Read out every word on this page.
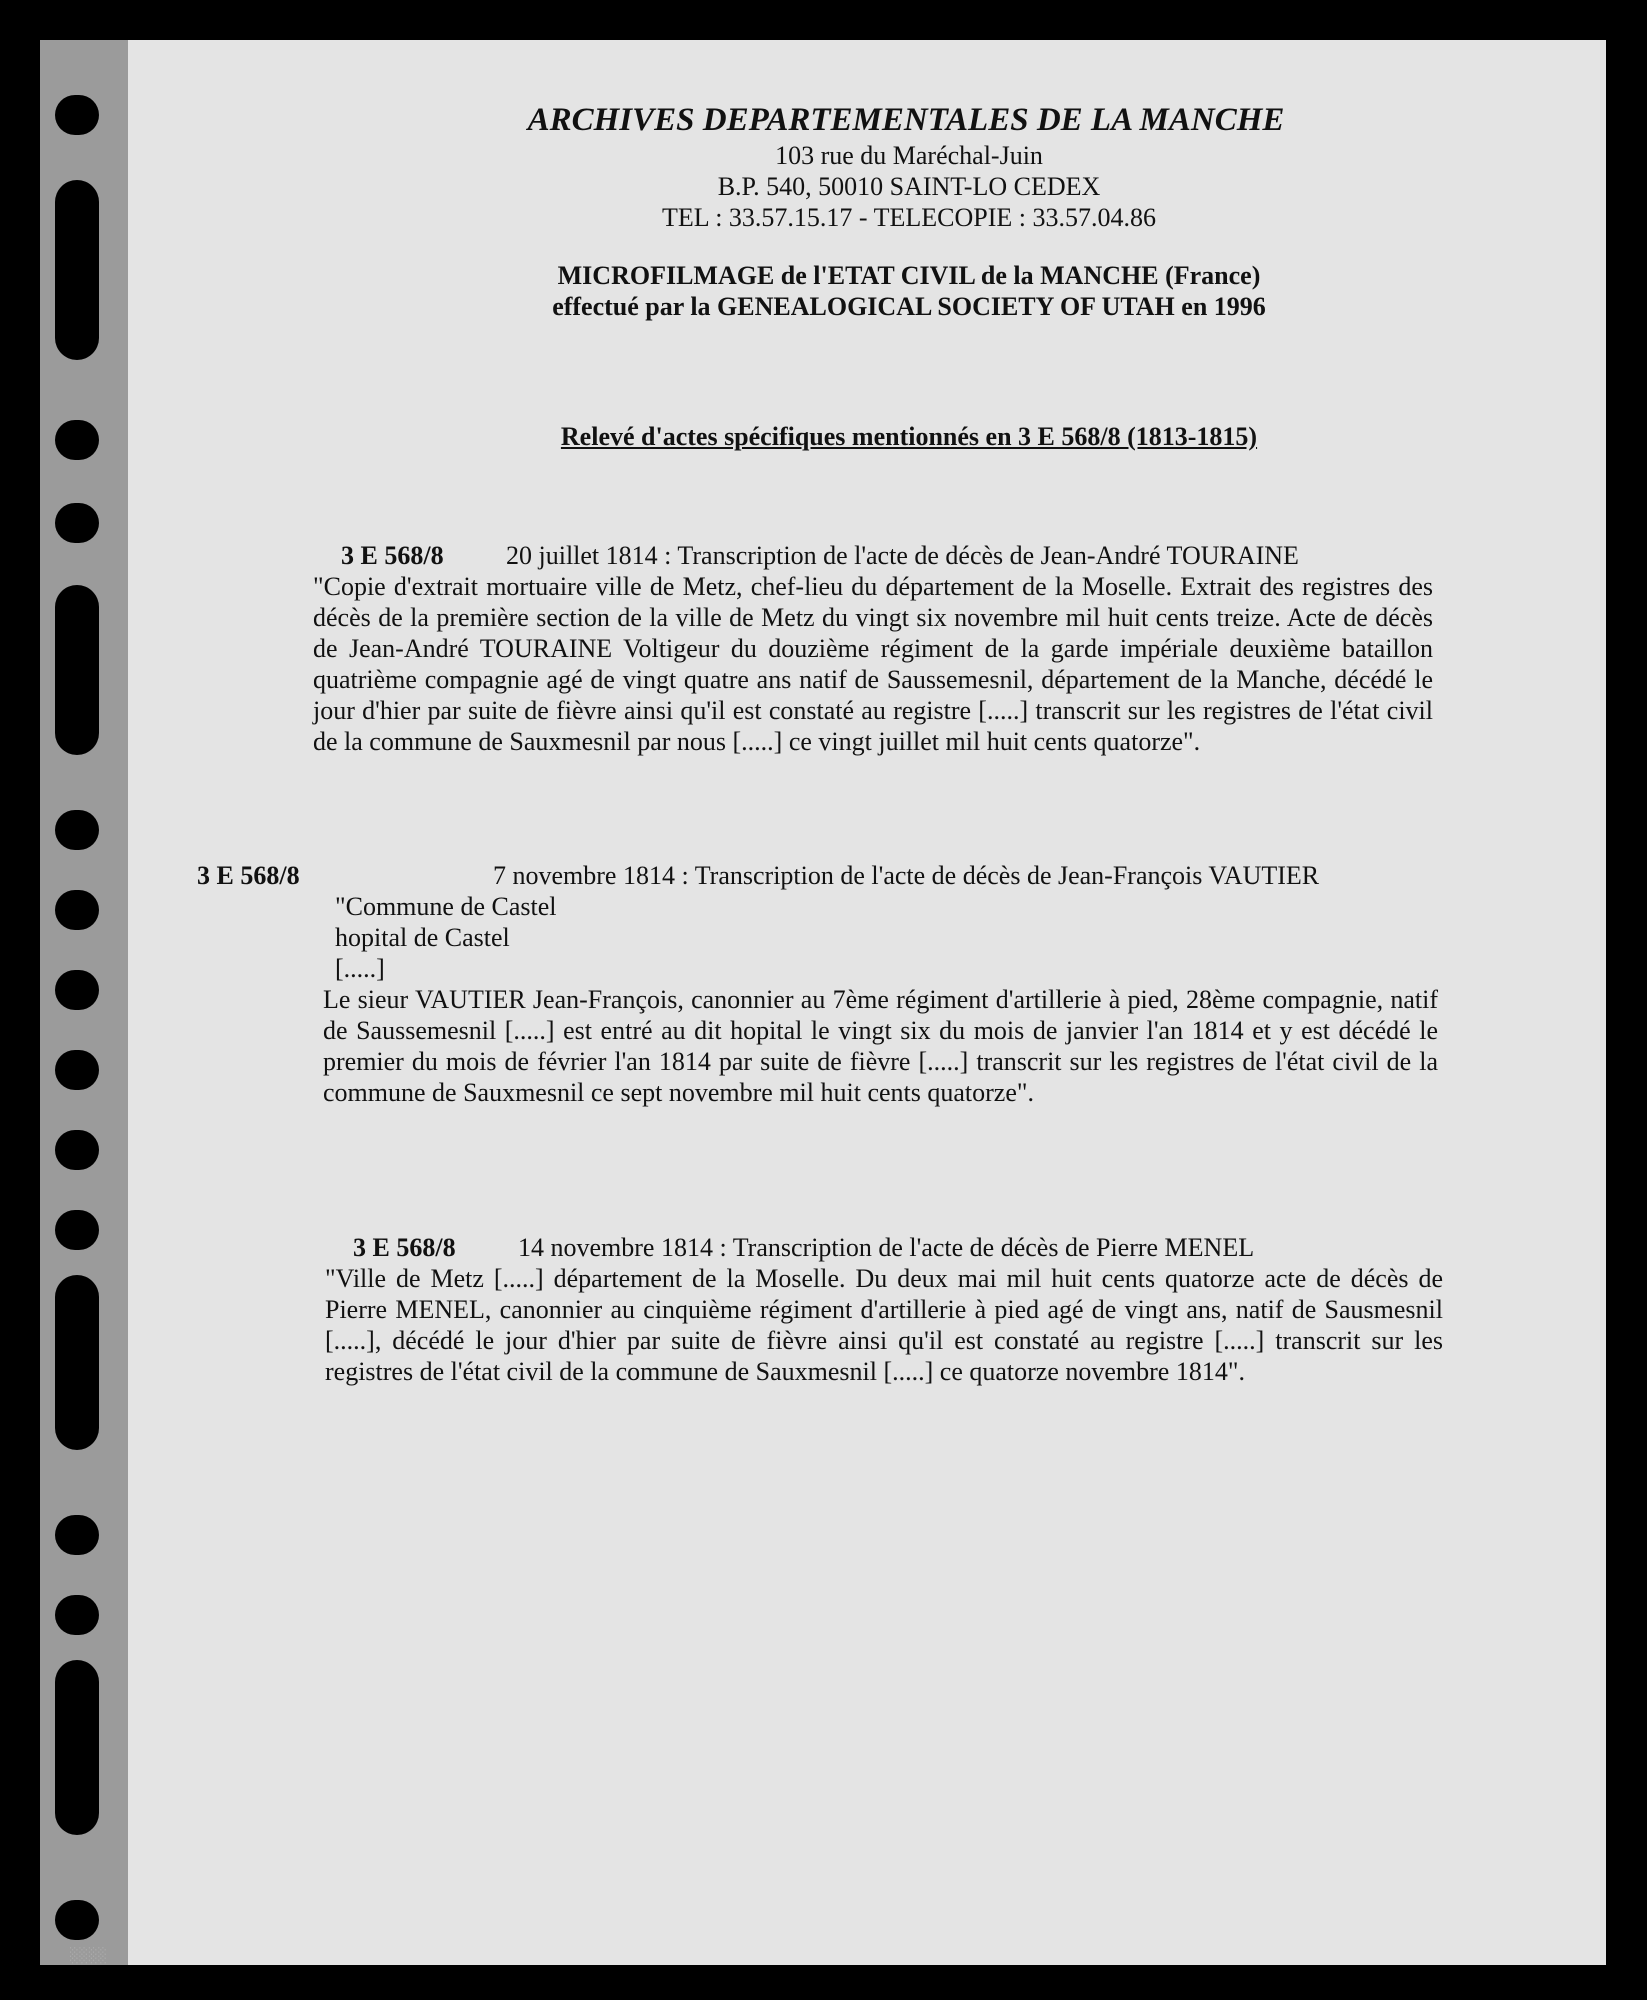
░░░░
ARCHIVES DEPARTEMENTALES DE LA MANCHE
103 rue du Maréchal-Juin
B.P. 540, 50010 SAINT-LO CEDEX
TEL : 33.57.15.17 - TELECOPIE : 33.57.04.86
MICROFILMAGE de l'ETAT CIVIL de la MANCHE (France)
effectué par la GENEALOGICAL SOCIETY OF UTAH en 1996
Relevé d'actes spécifiques mentionnés en 3 E 568/8 (1813-1815)

3 E 568/8 20 juillet 1814 : Transcription de l'acte de décès de Jean-André TOURAINE

"Copie d'extrait mortuaire ville de Metz, chef-lieu du département de la Moselle. Extrait des registres des décès de la première section de la ville de Metz du vingt six novembre mil huit cents treize. Acte de décès de Jean-André TOURAINE Voltigeur du douzième régiment de la garde impériale deuxième bataillon quatrième compagnie agé de vingt quatre ans natif de Saussemesnil, département de la Manche, décédé le jour d'hier par suite de fièvre ainsi qu'il est constaté au registre [.....] transcrit sur les registres de l'état civil de la commune de Sauxmesnil par nous [.....] ce vingt juillet mil huit cents quatorze".

3 E 568/8	7 novembre 1814 : Transcription de l'acte de décès de Jean-François VAUTIER

"Commune de Castel

hopital de Castel

[.....]

Le sieur VAUTIER Jean-François, canonnier au 7ème régiment d'artillerie à pied, 28ème compagnie, natif de Saussemesnil [.....] est entré au dit hopital le vingt six du mois de janvier l'an 1814 et y est décédé le premier du mois de février l'an 1814 par suite de fièvre [.....] transcrit sur les registres de l'état civil de la commune de Sauxmesnil ce sept novembre mil huit cents quatorze".

3 E 568/8 14 novembre 1814 : Transcription de l'acte de décès de Pierre MENEL

"Ville de Metz [.....] département de la Moselle. Du deux mai mil huit cents quatorze acte de décès de Pierre MENEL, canonnier au cinquième régiment d'artillerie à pied agé de vingt ans, natif de Sausmesnil [.....], décédé le jour d'hier par suite de fièvre ainsi qu'il est constaté au registre [.....] transcrit sur les registres de l'état civil de la commune de Sauxmesnil [.....] ce quatorze novembre 1814".
